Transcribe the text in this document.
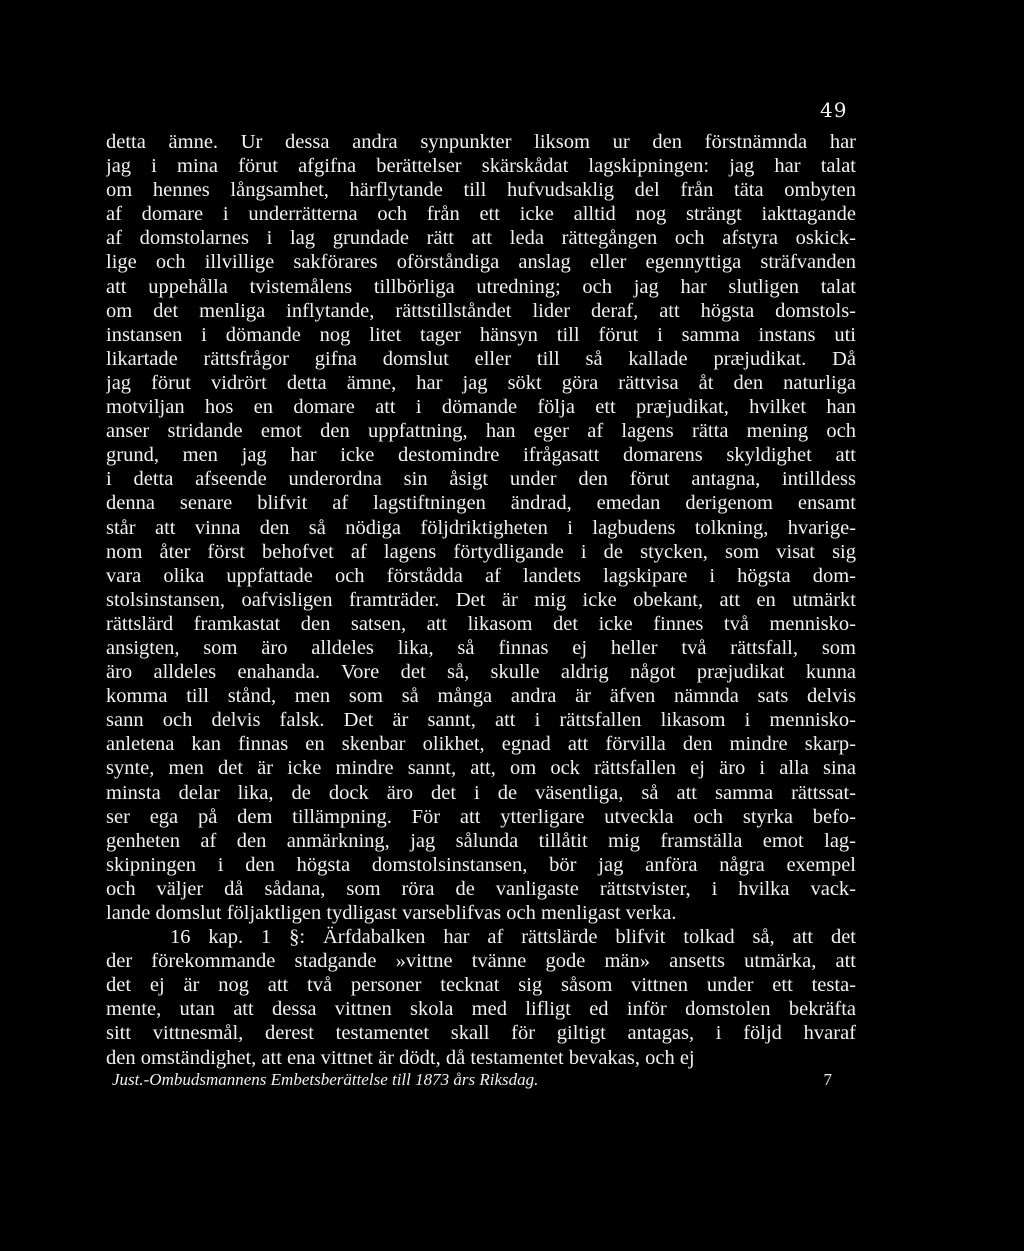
49
detta ämne. Ur dessa andra synpunkter liksom ur den förstnämnda har
jag i mina förut afgifna berättelser skärskådat lagskipningen: jag har talat
om hennes långsamhet, härflytande till hufvudsaklig del från täta ombyten
af domare i underrätterna och från ett icke alltid nog strängt iakttagande
af domstolarnes i lag grundade rätt att leda rättegången och afstyra oskick-
lige och illvillige sakförares oförståndiga anslag eller egennyttiga sträfvanden
att uppehålla tvistemålens tillbörliga utredning; och jag har slutligen talat
om det menliga inflytande, rättstillståndet lider deraf, att högsta domstols-
instansen i dömande nog litet tager hänsyn till förut i samma instans uti
likartade rättsfrågor gifna domslut eller till så kallade præjudikat. Då
jag förut vidrört detta ämne, har jag sökt göra rättvisa åt den naturliga
motviljan hos en domare att i dömande följa ett præjudikat, hvilket han
anser stridande emot den uppfattning, han eger af lagens rätta mening och
grund, men jag har icke destomindre ifrågasatt domarens skyldighet att
i detta afseende underordna sin åsigt under den förut antagna, intilldess
denna senare blifvit af lagstiftningen ändrad, emedan derigenom ensamt
står att vinna den så nödiga följdriktigheten i lagbudens tolkning, hvarige-
nom åter först behofvet af lagens förtydligande i de stycken, som visat sig
vara olika uppfattade och förstådda af landets lagskipare i högsta dom-
stolsinstansen, oafvisligen framträder. Det är mig icke obekant, att en utmärkt
rättslärd framkastat den satsen, att likasom det icke finnes två mennisko-
ansigten, som äro alldeles lika, så finnas ej heller två rättsfall, som
äro alldeles enahanda. Vore det så, skulle aldrig något præjudikat kunna
komma till stånd, men som så många andra är äfven nämnda sats delvis
sann och delvis falsk. Det är sannt, att i rättsfallen likasom i mennisko-
anletena kan finnas en skenbar olikhet, egnad att förvilla den mindre skarp-
synte, men det är icke mindre sannt, att, om ock rättsfallen ej äro i alla sina
minsta delar lika, de dock äro det i de väsentliga, så att samma rättssat-
ser ega på dem tillämpning. För att ytterligare utveckla och styrka befo-
genheten af den anmärkning, jag sålunda tillåtit mig framställa emot lag-
skipningen i den högsta domstolsinstansen, bör jag anföra några exempel
och väljer då sådana, som röra de vanligaste rättstvister, i hvilka vack-
lande domslut följaktligen tydligast varseblifvas och menligast verka.
16 kap. 1 §: Ärfdabalken har af rättslärde blifvit tolkad så, att det
der förekommande stadgande »vittne tvänne gode män» ansetts utmärka, att
det ej är nog att två personer tecknat sig såsom vittnen under ett testa-
mente, utan att dessa vittnen skola med lifligt ed inför domstolen bekräfta
sitt vittnesmål, derest testamentet skall för giltigt antagas, i följd hvaraf
den omständighet, att ena vittnet är dödt, då testamentet bevakas, och ej
Just.-Ombudsmannens Embetsberättelse till 1873 års Riksdag.	7
